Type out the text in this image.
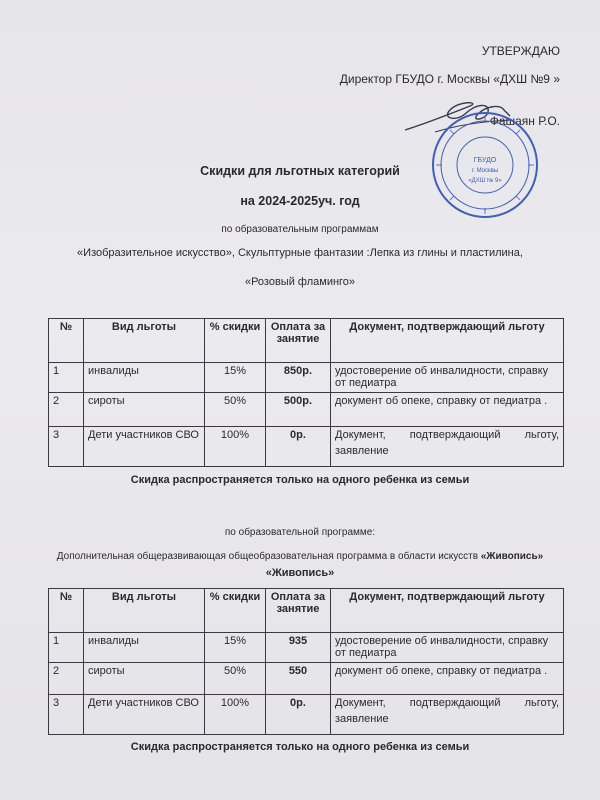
УТВЕРЖДАЮ
Директор ГБУДО г. Москвы «ДХШ №9 »
Фашаян Р.О.
ГБУДО
г. Москвы
«ДХШ № 9»
Скидки для льготных категорий
на 2024-2025уч. год
по образовательным программам
«Изобразительное искусство», Скульптурные фантазии :Лепка из глины и пластилина,
«Розовый фламинго»
№	Вид льготы	% скидки	Оплата за занятие	Документ, подтверждающий льготу
1	инвалиды	15%	850р.	удостоверение об инвалидности, справку от педиатра
2	сироты	50%	500р.	документ об опеке, справку от педиатра .
3	Дети участников СВО	100%	0р.	Документ, подтверждающий льготу,
заявление
Скидка распространяется только на одного ребенка из семьи
по образовательной программе:
Дополнительная общеразвивающая общеобразовательная программа в области искусств «Живопись»
«Живопись»
№	Вид льготы	% скидки	Оплата за занятие	Документ, подтверждающий льготу
1	инвалиды	15%	935	удостоверение об инвалидности, справку от педиатра
2	сироты	50%	550	документ об опеке, справку от педиатра .
3	Дети участников СВО	100%	0р.	Документ, подтверждающий льготу,
заявление
Скидка распространяется только на одного ребенка из семьи
